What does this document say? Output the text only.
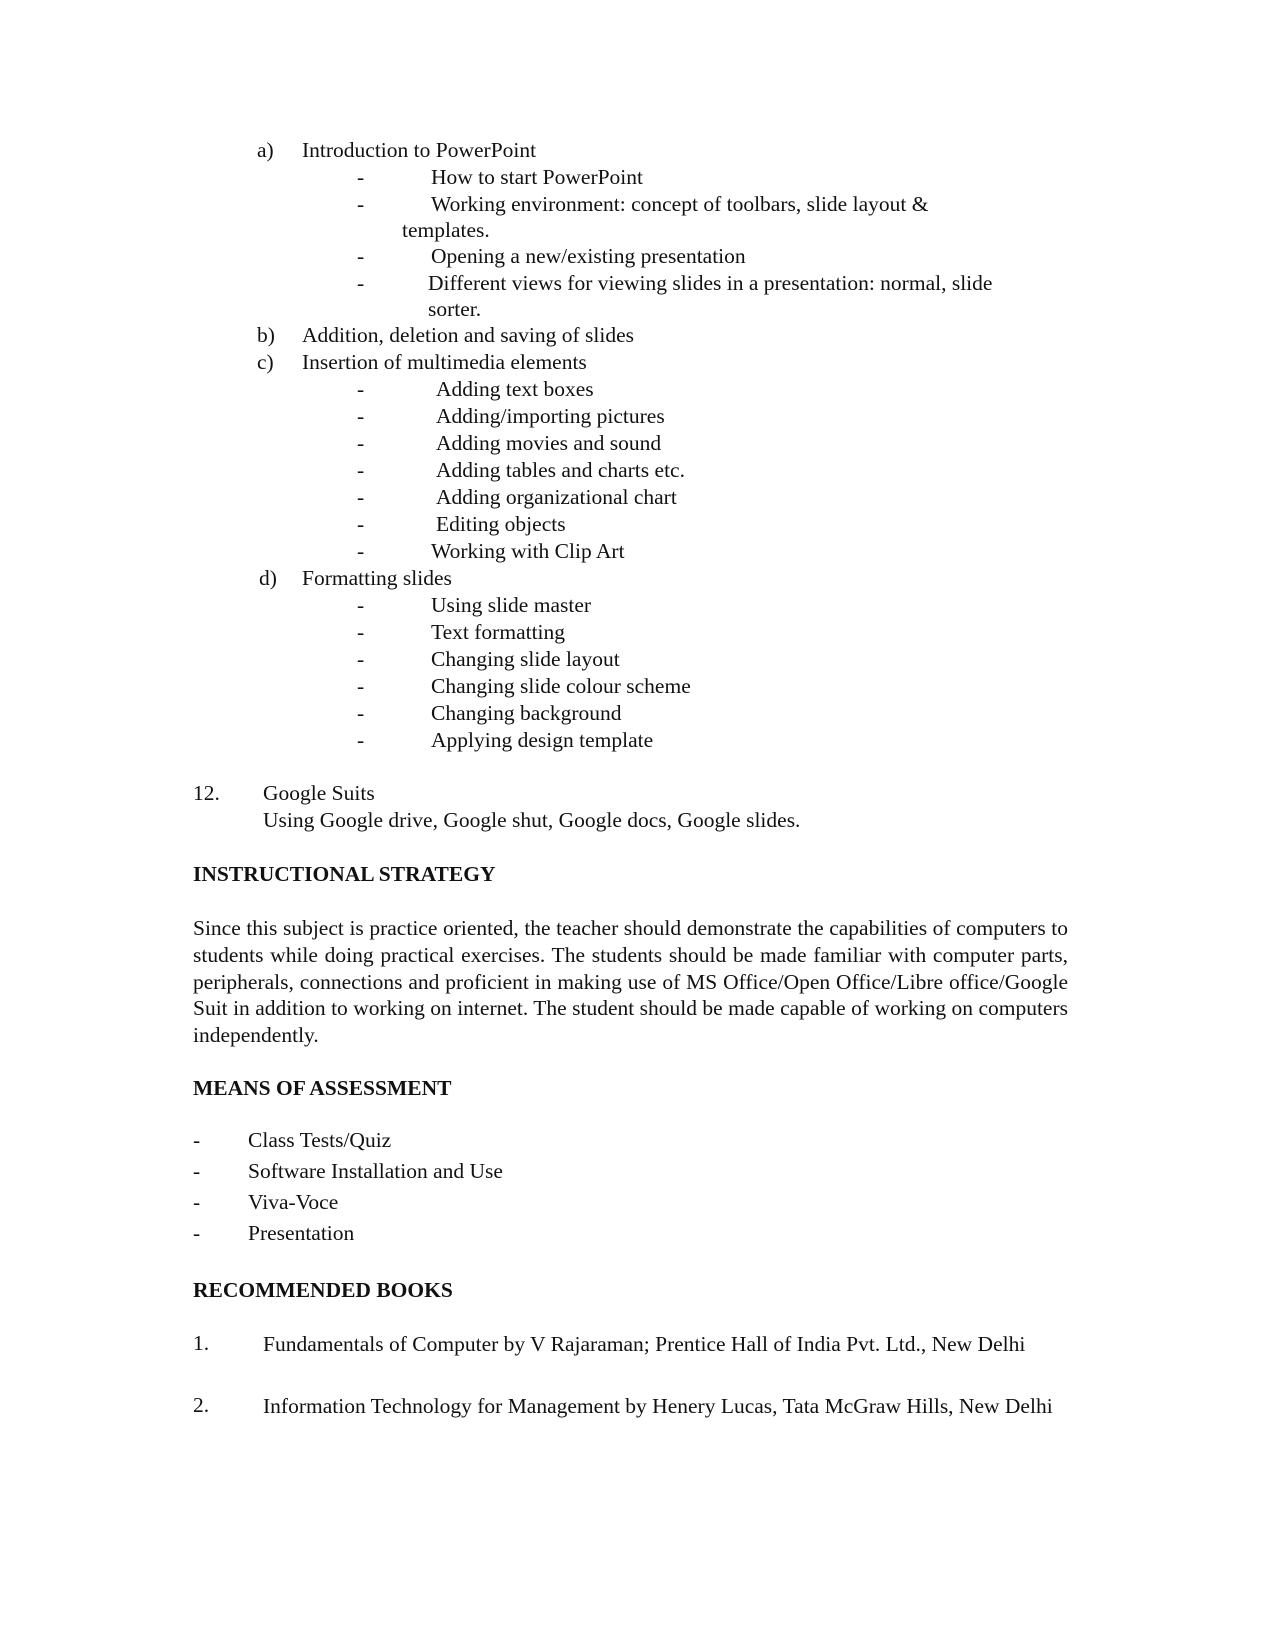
a) Introduction to PowerPoint
-	How to start PowerPoint
-	Working environment: concept of toolbars, slide layout &
templates.
-	Opening a new/existing presentation
-	Different views for viewing slides in a presentation: normal, slide
sorter.
b) Addition, deletion and saving of slides
c) Insertion of multimedia elements
-	Adding text boxes
-	Adding/importing pictures
-	Adding movies and sound
-	Adding tables and charts etc.
-	Adding organizational chart
-	Editing objects
-	Working with Clip Art
d) Formatting slides
-	Using slide master
-	Text formatting
-	Changing slide layout
-	Changing slide colour scheme
-	Changing background
-	Applying design template
12. Google Suits
Using Google drive, Google shut, Google docs, Google slides.
INSTRUCTIONAL STRATEGY
Since this subject is practice oriented, the teacher should demonstrate the capabilities of computers to students while doing practical exercises. The students should be made familiar with computer parts, peripherals, connections and proficient in making use of MS Office/Open Office/Libre office/Google Suit in addition to working on internet. The student should be made capable of working on computers independently.
MEANS OF ASSESSMENT
- Class Tests/Quiz
- Software Installation and Use
- Viva-Voce
- Presentation
RECOMMENDED BOOKS
1.	Fundamentals of Computer by V Rajaraman; Prentice Hall of India Pvt. Ltd., New Delhi
2.	Information Technology for Management by Henery Lucas, Tata McGraw Hills, New Delhi
